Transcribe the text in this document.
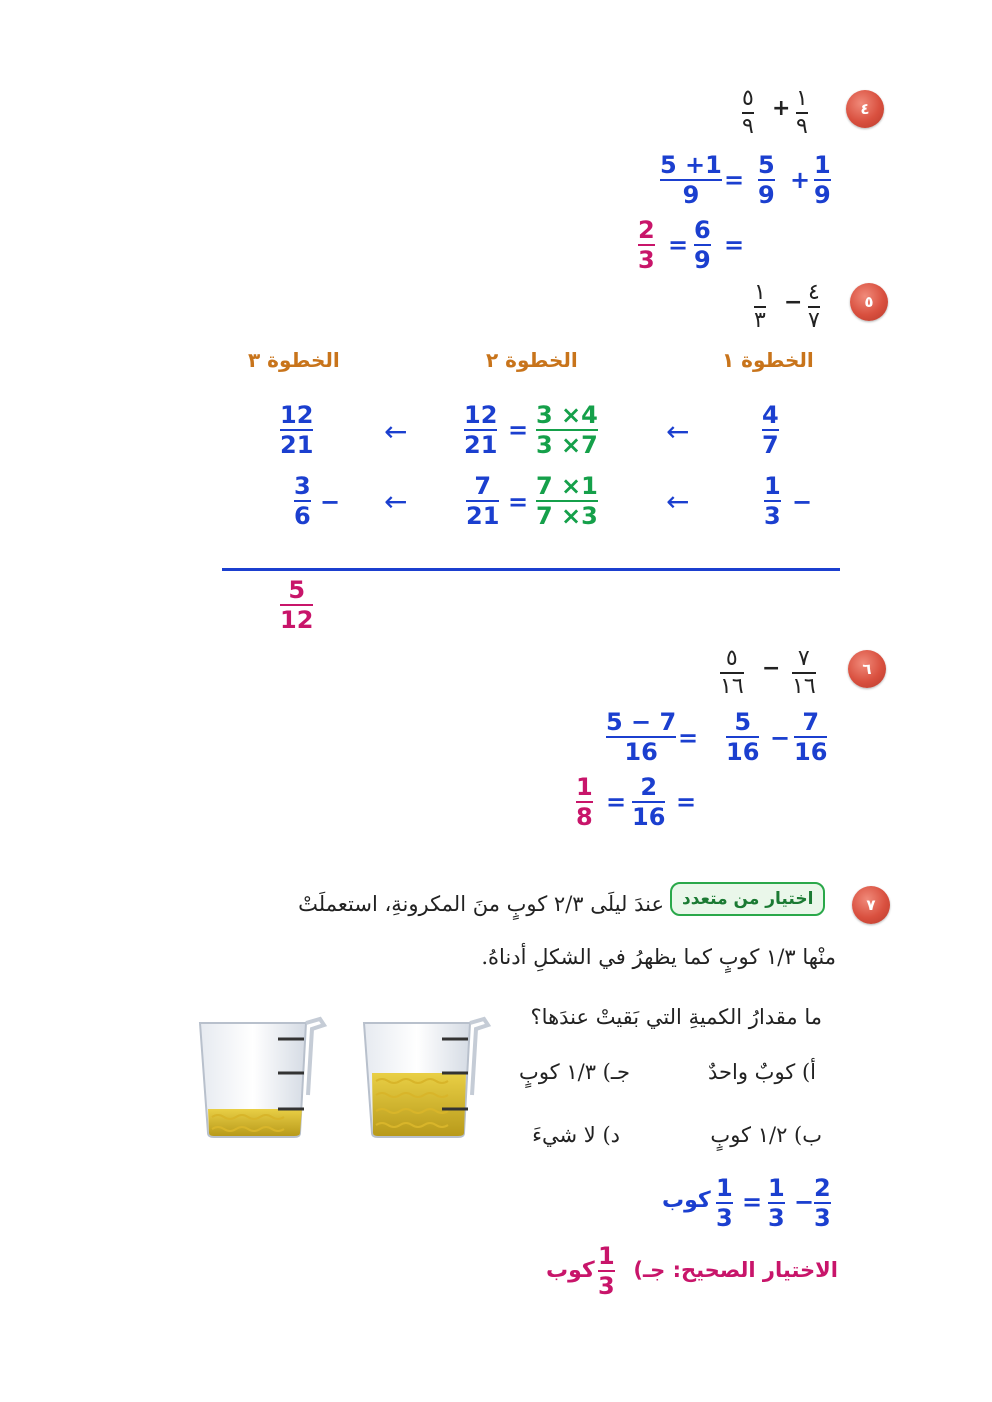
٤
١
٩
+
٥
٩
1
9
+
5
9
=
5 +1
9
=
6
9
=
2
3
٥
٤
٧
−
١
٣
الخطوة ١
الخطوة ٢
الخطوة ٣
4
7
←
3 ×4
3 ×7
=
12
21
←
12
21
−
1
3
←
7 ×1
7 ×3
=
7
21
←
−
3
6
5
12
٦
٧
١٦
−
٥
١٦
7
16
−
5
16
=
5 − 7
16
=
2
16
=
1
8
٧
اختيار من متعدد
عندَ ليلَى ٢/٣ كوبٍ منَ المكرونةِ، استعملَتْ
منْها ١/٣ كوبٍ كما يظهرُ في الشكلِ أدناهُ.
ما مقدارُ الكميةِ التي بَقيتْ عندَها؟
أ) كوبٌ واحدٌ
جـ) ١/٣ كوبٍ
ب) ١/٢ كوبٍ
د) لا شيءَ
2
3
−
1
3
=
1
3
كوب
الاختيار الصحيح: جـ)
1
3
كوب
